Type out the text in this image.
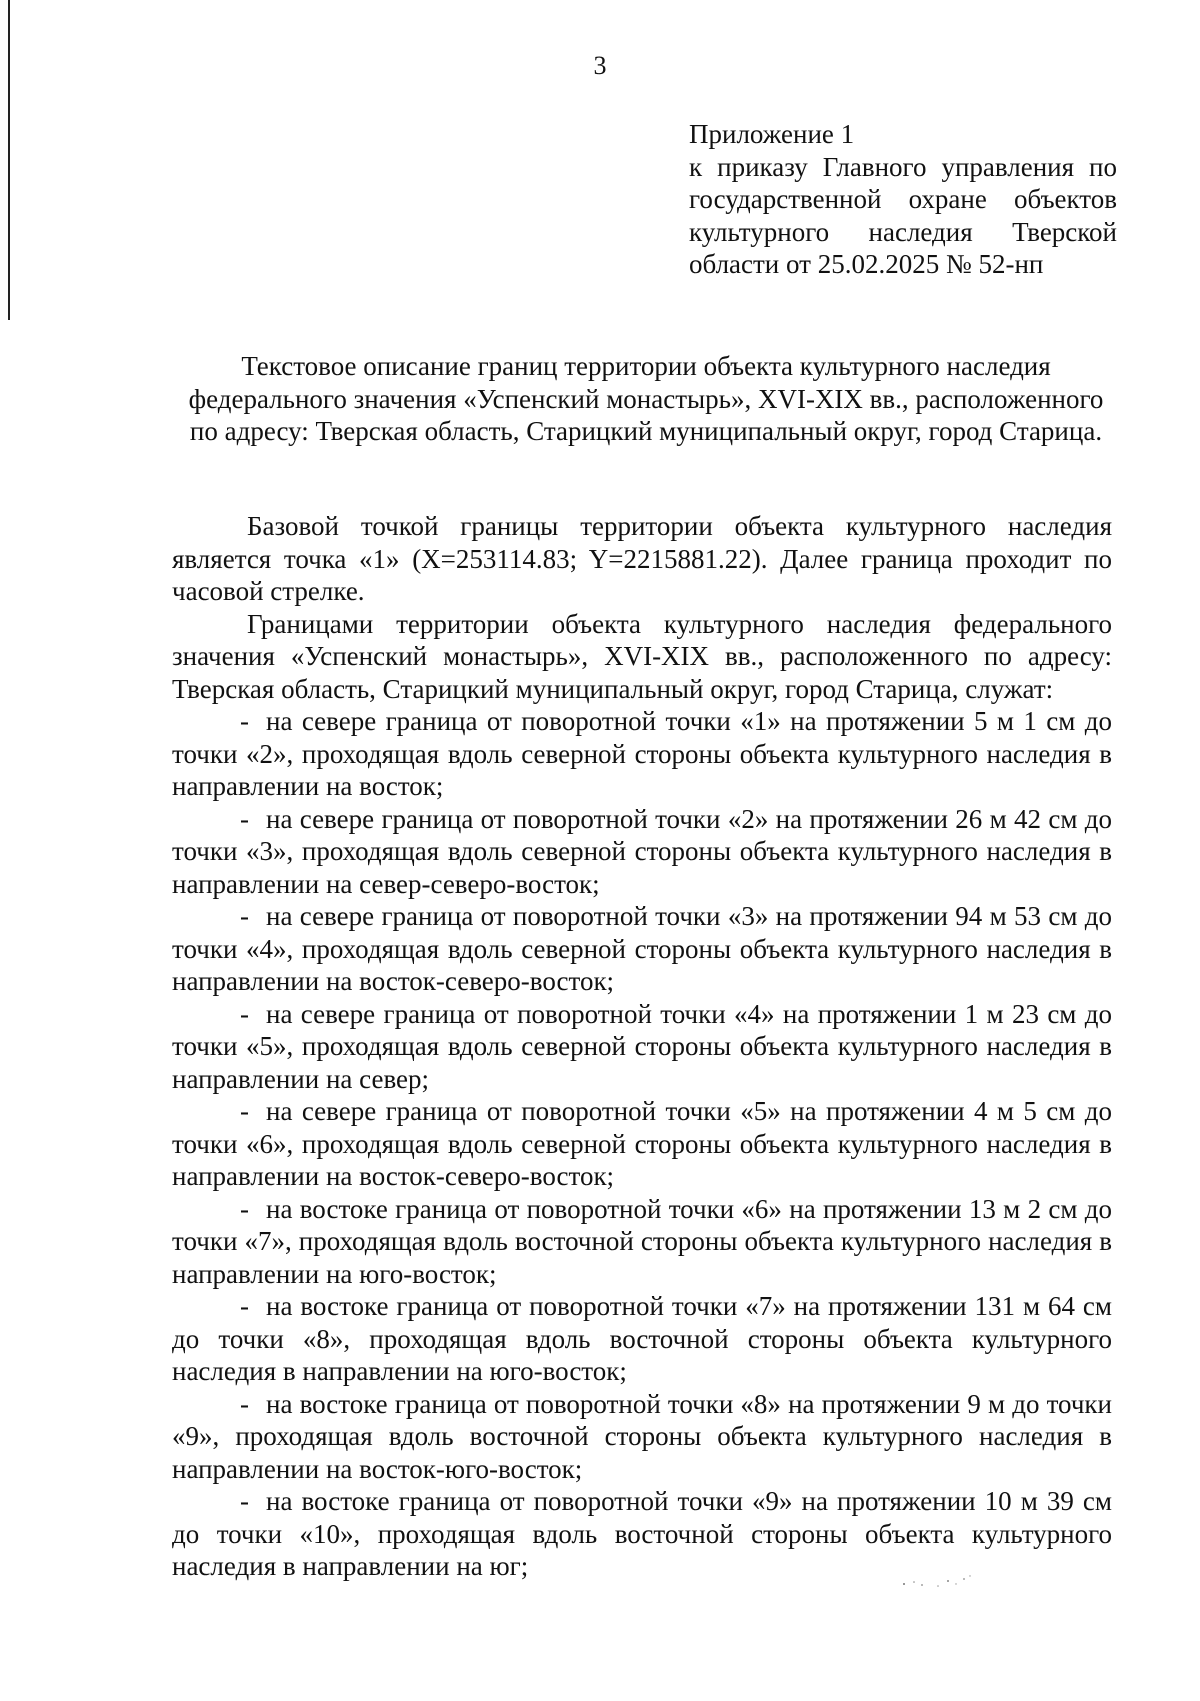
3
Приложение 1
к приказу Главного управления по
государственной охране объектов
культурного наследия Тверской
области от 25.02.2025 № 52-нп
Текстовое описание границ территории объекта культурного наследия федерального значения «Успенский монастырь», XVI-XIX вв., расположенного по адресу: Тверская область, Старицкий муниципальный округ, город Старица.

Базовой точкой границы территории объекта культурного наследия является точка «1» (X=253114.83; Y=2215881.22). Далее граница проходит по часовой стрелке.

Границами территории объекта культурного наследия федерального значения «Успенский монастырь», XVI-XIX вв., расположенного по адресу: Тверская область, Старицкий муниципальный округ, город Старица, служат:

- на севере граница от поворотной точки «1» на протяжении 5 м 1 см до точки «2», проходящая вдоль северной стороны объекта культурного наследия в направлении на восток;

- на севере граница от поворотной точки «2» на протяжении 26 м 42 см до точки «3», проходящая вдоль северной стороны объекта культурного наследия в направлении на север-северо-восток;

- на севере граница от поворотной точки «3» на протяжении 94 м 53 см до точки «4», проходящая вдоль северной стороны объекта культурного наследия в направлении на восток-северо-восток;

- на севере граница от поворотной точки «4» на протяжении 1 м 23 см до точки «5», проходящая вдоль северной стороны объекта культурного наследия в направлении на север;

- на севере граница от поворотной точки «5» на протяжении 4 м 5 см до точки «6», проходящая вдоль северной стороны объекта культурного наследия в направлении на восток-северо-восток;

- на востоке граница от поворотной точки «6» на протяжении 13 м 2 см до точки «7», проходящая вдоль восточной стороны объекта культурного наследия в направлении на юго-восток;

- на востоке граница от поворотной точки «7» на протяжении 131 м 64 см до точки «8», проходящая вдоль восточной стороны объекта культурного наследия в направлении на юго-восток;

- на востоке граница от поворотной точки «8» на протяжении 9 м до точки «9», проходящая вдоль восточной стороны объекта культурного наследия в направлении на восток-юго-восток;

- на востоке граница от поворотной точки «9» на протяжении 10 м 39 см до точки «10», проходящая вдоль восточной стороны объекта культурного наследия в направлении на юг;
